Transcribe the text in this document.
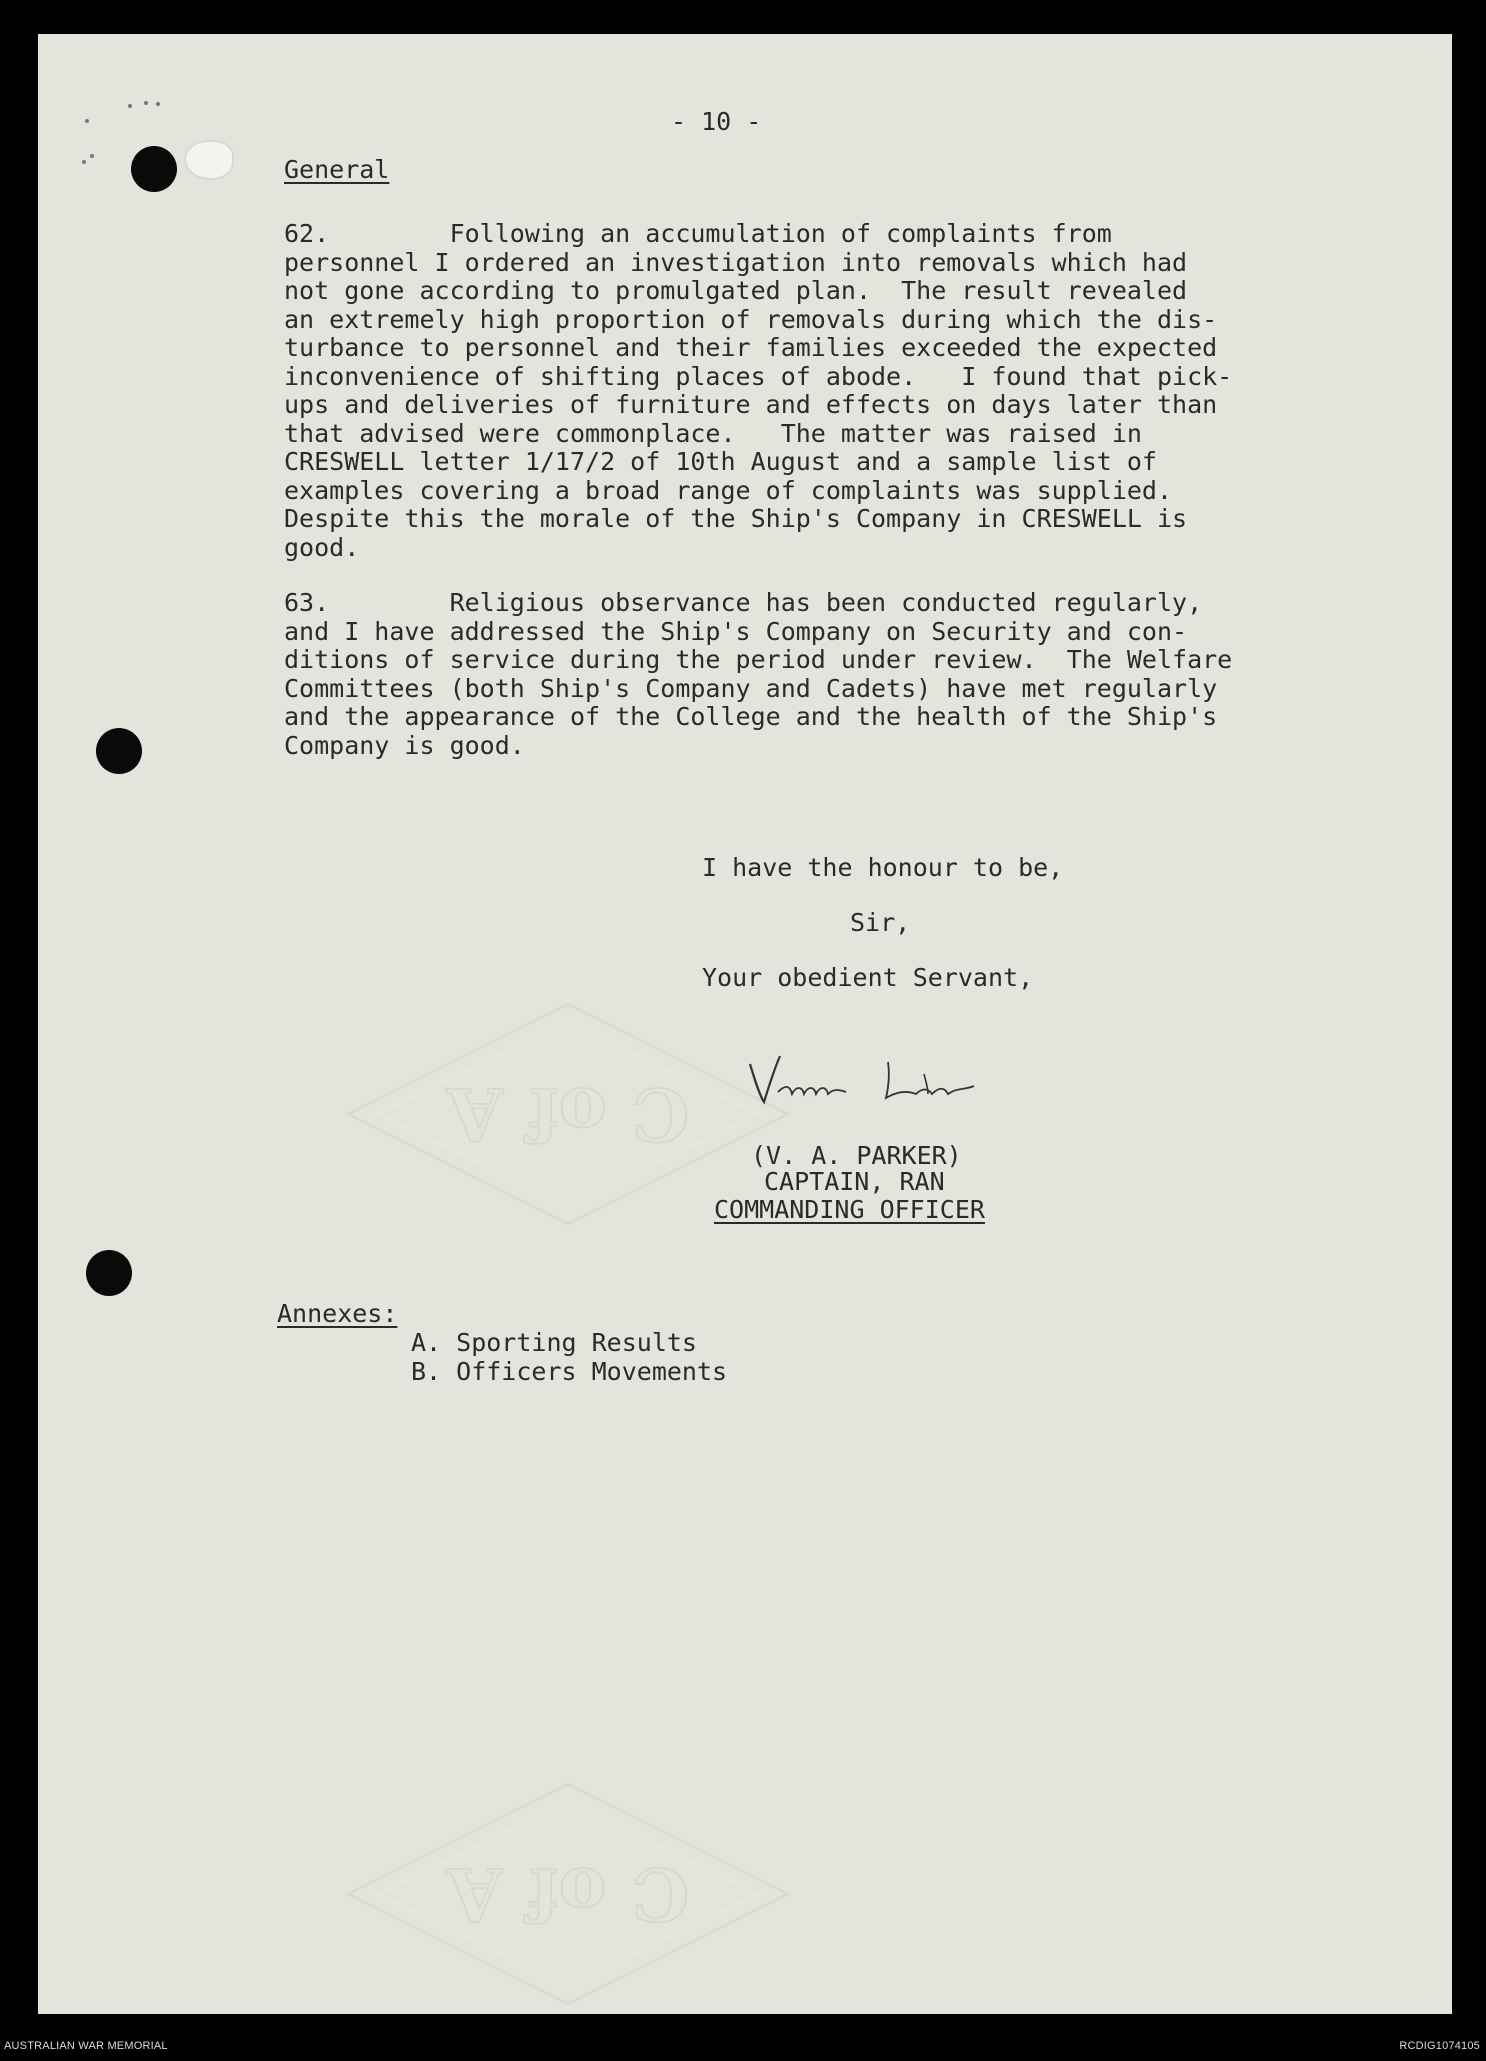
C of A
C of A

- 10 -

General

62.        Following an accumulation of complaints from
personnel I ordered an investigation into removals which had
not gone according to promulgated plan.  The result revealed
an extremely high proportion of removals during which the dis-
turbance to personnel and their families exceeded the expected
inconvenience of shifting places of abode.   I found that pick-
ups and deliveries of furniture and effects on days later than
that advised were commonplace.   The matter was raised in
CRESWELL letter 1/17/2 of 10th August and a sample list of
examples covering a broad range of complaints was supplied.
Despite this the morale of the Ship's Company in CRESWELL is
good.

63.        Religious observance has been conducted regularly,
and I have addressed the Ship's Company on Security and con-
ditions of service during the period under review.  The Welfare
Committees (both Ship's Company and Cadets) have met regularly
and the appearance of the College and the health of the Ship's
Company is good.

I have the honour to be,

Sir,

Your obedient Servant,

(V. A. PARKER)

CAPTAIN, RAN

COMMANDING OFFICER

Annexes:

A. Sporting Results

B. Officers Movements

AUSTRALIAN WAR MEMORIAL	RCDIG1074105
